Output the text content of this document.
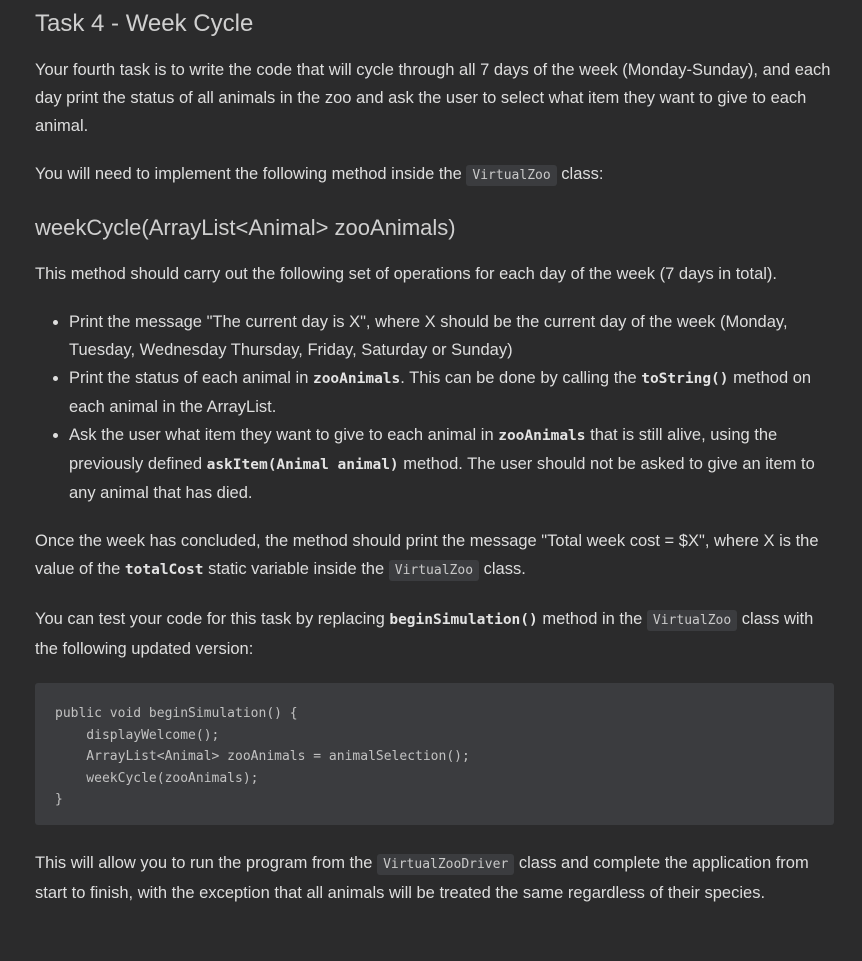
Task 4 - Week Cycle

Your fourth task is to write the code that will cycle through all 7 days of the week (Monday-Sunday), and each day print the status of all animals in the zoo and ask the user to select what item they want to give to each animal.

You will need to implement the following method inside the VirtualZoo class:

weekCycle(ArrayList<Animal> zooAnimals)

This method should carry out the following set of operations for each day of the week (7 days in total).

• Print the message "The current day is X", where X should be the current day of the week (Monday, Tuesday, Wednesday Thursday, Friday, Saturday or Sunday)
• Print the status of each animal in zooAnimals. This can be done by calling the toString() method on each animal in the ArrayList.
• Ask the user what item they want to give to each animal in zooAnimals that is still alive, using the previously defined askItem(Animal animal) method. The user should not be asked to give an item to any animal that has died.

Once the week has concluded, the method should print the message "Total week cost = $X", where X is the value of the totalCost static variable inside the VirtualZoo class.

You can test your code for this task by replacing beginSimulation() method in the VirtualZoo class with the following updated version:

public void beginSimulation() {
displayWelcome();
ArrayList<Animal> zooAnimals = animalSelection();
weekCycle(zooAnimals);
}

This will allow you to run the program from the VirtualZooDriver class and complete the application from start to finish, with the exception that all animals will be treated the same regardless of their species.
